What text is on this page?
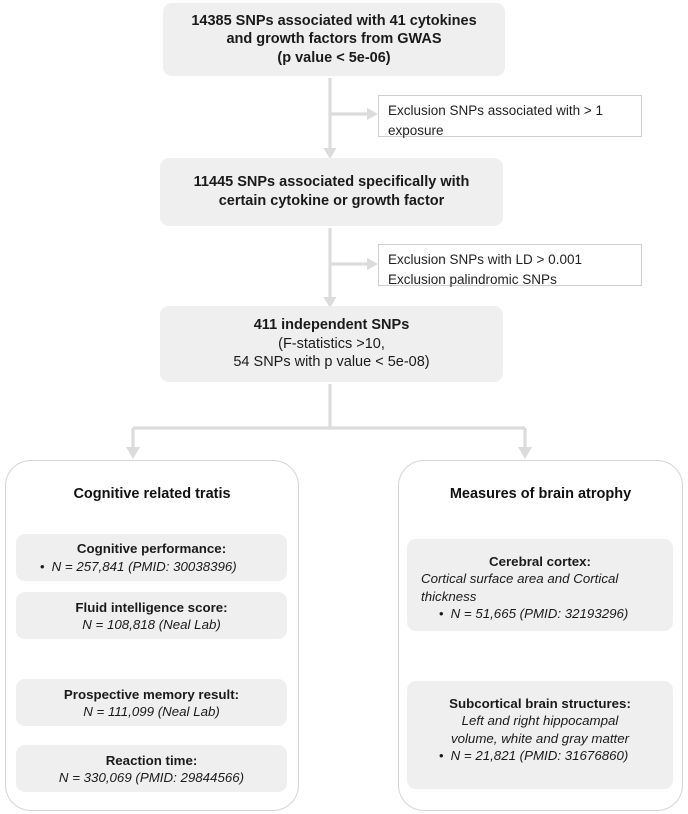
14385 SNPs associated with 41 cytokines
and growth factors from GWAS
(p value < 5e-06)
Exclusion SNPs associated with > 1 exposure
11445 SNPs associated specifically with
certain cytokine or growth factor
Exclusion SNPs with LD > 0.001 Exclusion palindromic SNPs
411 independent SNPs
(F-statistics >10,
54 SNPs with p value < 5e-08)
Cognitive related tratis
Cognitive performance:
• N = 257,841 (PMID: 30038396)
Fluid intelligence score:
N = 108,818 (Neal Lab)
Prospective memory result:
N = 111,099 (Neal Lab)
Reaction time:
N = 330,069 (PMID: 29844566)
Measures of brain atrophy
Cerebral cortex:
Cortical surface area and Cortical
thickness
• N = 51,665 (PMID: 32193296)
Subcortical brain structures:
Left and right hippocampal
volume, white and gray matter
• N = 21,821 (PMID: 31676860)
